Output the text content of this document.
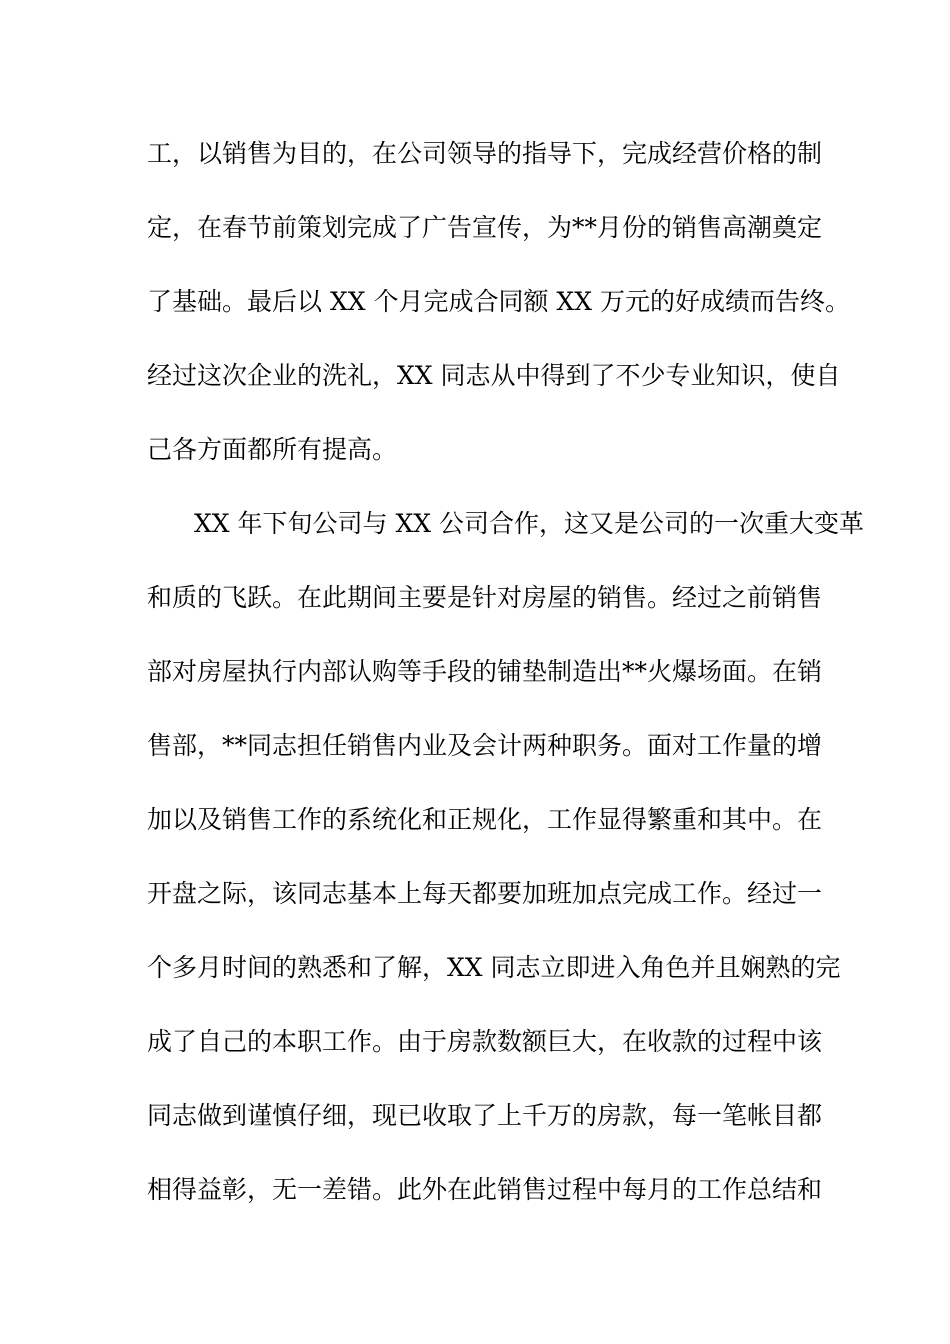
工，以销售为目的，在公司领导的指导下，完成经营价格的制
定，在春节前策划完成了广告宣传，为**月份的销售高潮奠定
了基础。最后以 XX 个月完成合同额 XX 万元的好成绩而告终。
经过这次企业的洗礼，XX 同志从中得到了不少专业知识，使自
己各方面都所有提高。
XX 年下旬公司与 XX 公司合作，这又是公司的一次重大变革
和质的飞跃。在此期间主要是针对房屋的销售。经过之前销售
部对房屋执行内部认购等手段的铺垫制造出**火爆场面。在销
售部，**同志担任销售内业及会计两种职务。面对工作量的增
加以及销售工作的系统化和正规化，工作显得繁重和其中。在
开盘之际，该同志基本上每天都要加班加点完成工作。经过一
个多月时间的熟悉和了解，XX 同志立即进入角色并且娴熟的完
成了自己的本职工作。由于房款数额巨大，在收款的过程中该
同志做到谨慎仔细，现已收取了上千万的房款，每一笔帐目都
相得益彰，无一差错。此外在此销售过程中每月的工作总结和
